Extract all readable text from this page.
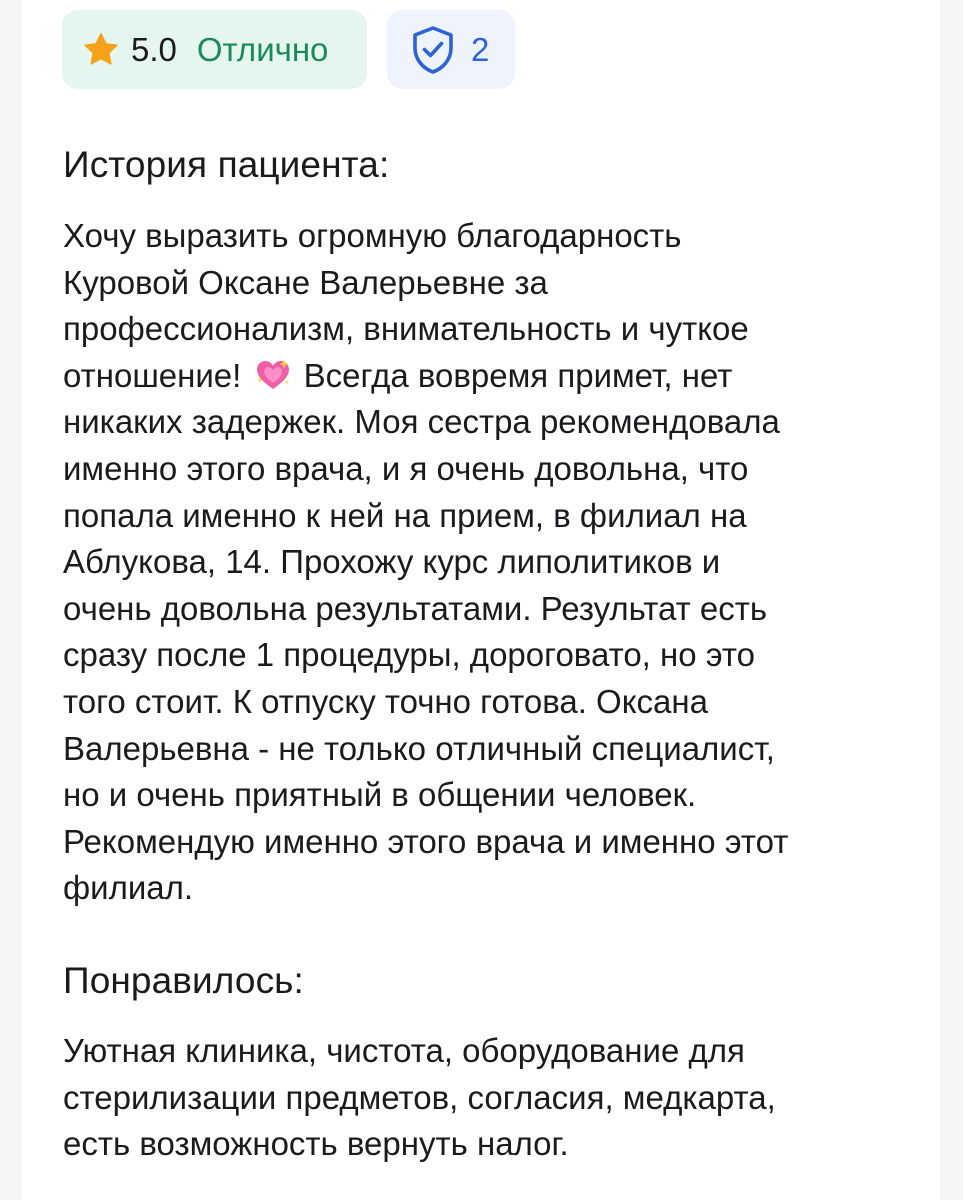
5.0 Отлично	2
История пациента:

Хочу выразить огромную благодарность
Куровой Оксане Валерьевне за
профессионализм, внимательность и чуткое
отношение! Всегда вовремя примет, нет
никаких задержек. Моя сестра рекомендовала
именно этого врача, и я очень довольна, что
попала именно к ней на прием, в филиал на
Аблукова, 14. Прохожу курс липолитиков и
очень довольна результатами. Результат есть
сразу после 1 процедуры, дороговато, но это
того стоит. К отпуску точно готова. Оксана
Валерьевна - не только отличный специалист,
но и очень приятный в общении человек.
Рекомендую именно этого врача и именно этот
филиал.

Понравилось:

Уютная клиника, чистота, оборудование для
стерилизации предметов, согласия, медкарта,
есть возможность вернуть налог.
